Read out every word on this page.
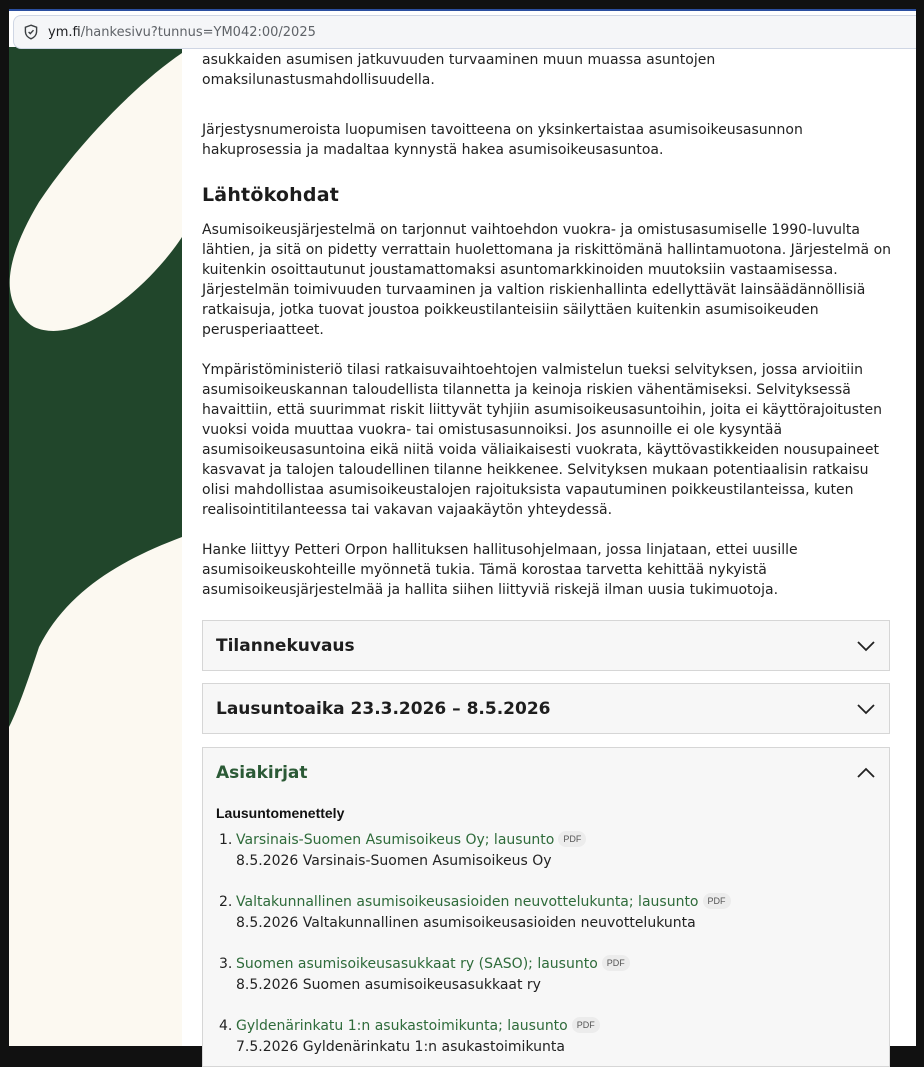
ym.fi/hankesivu?tunnus=YM042:00/2025

asukkaiden asumisen jatkuvuuden turvaaminen muun muassa asuntojen omaksilunastusmahdollisuudella.

Järjestysnumeroista luopumisen tavoitteena on yksinkertaistaa asumisoikeusasunnon hakuprosessia ja madaltaa kynnystä hakea asumisoikeusasuntoa.

Lähtökohdat

Asumisoikeusjärjestelmä on tarjonnut vaihtoehdon vuokra- ja omistusasumiselle 1990-luvulta lähtien, ja sitä on pidetty verrattain huolettomana ja riskittömänä hallintamuotona. Järjestelmä on kuitenkin osoittautunut joustamattomaksi asuntomarkkinoiden muutoksiin vastaamisessa. Järjestelmän toimivuuden turvaaminen ja valtion riskienhallinta edellyttävät lainsäädännöllisiä ratkaisuja, jotka tuovat joustoa poikkeustilanteisiin säilyttäen kuitenkin asumisoikeuden perusperiaatteet.

Ympäristöministeriö tilasi ratkaisuvaihtoehtojen valmistelun tueksi selvityksen, jossa arvioitiin asumisoikeuskannan taloudellista tilannetta ja keinoja riskien vähentämiseksi. Selvityksessä havaittiin, että suurimmat riskit liittyvät tyhjiin asumisoikeusasuntoihin, joita ei käyttörajoitusten vuoksi voida muuttaa vuokra- tai omistusasunnoiksi. Jos asunnoille ei ole kysyntää asumisoikeusasuntoina eikä niitä voida väliaikaisesti vuokrata, käyttövastikkeiden nousupaineet kasvavat ja talojen taloudellinen tilanne heikkenee. Selvityksen mukaan potentiaalisin ratkaisu olisi mahdollistaa asumisoikeustalojen rajoituksista vapautuminen poikkeustilanteissa, kuten realisointitilanteessa tai vakavan vajaakäytön yhteydessä.

Hanke liittyy Petteri Orpon hallituksen hallitusohjelmaan, jossa linjataan, ettei uusille asumisoikeuskohteille myönnetä tukia. Tämä korostaa tarvetta kehittää nykyistä asumisoikeusjärjestelmää ja hallita siihen liittyviä riskejä ilman uusia tukimuotoja.

Tilannekuvaus
Lausuntoaika 23.3.2026 – 8.5.2026
Asiakirjat

Lausuntomenettely

1. Varsinais-Suomen Asumisoikeus Oy; lausunto PDF
8.5.2026 Varsinais-Suomen Asumisoikeus Oy
2. Valtakunnallinen asumisoikeusasioiden neuvottelukunta; lausunto PDF
8.5.2026 Valtakunnallinen asumisoikeusasioiden neuvottelukunta
3. Suomen asumisoikeusasukkaat ry (SASO); lausunto PDF
8.5.2026 Suomen asumisoikeusasukkaat ry
4. Gyldenärinkatu 1:n asukastoimikunta; lausunto PDF
7.5.2026 Gyldenärinkatu 1:n asukastoimikunta
